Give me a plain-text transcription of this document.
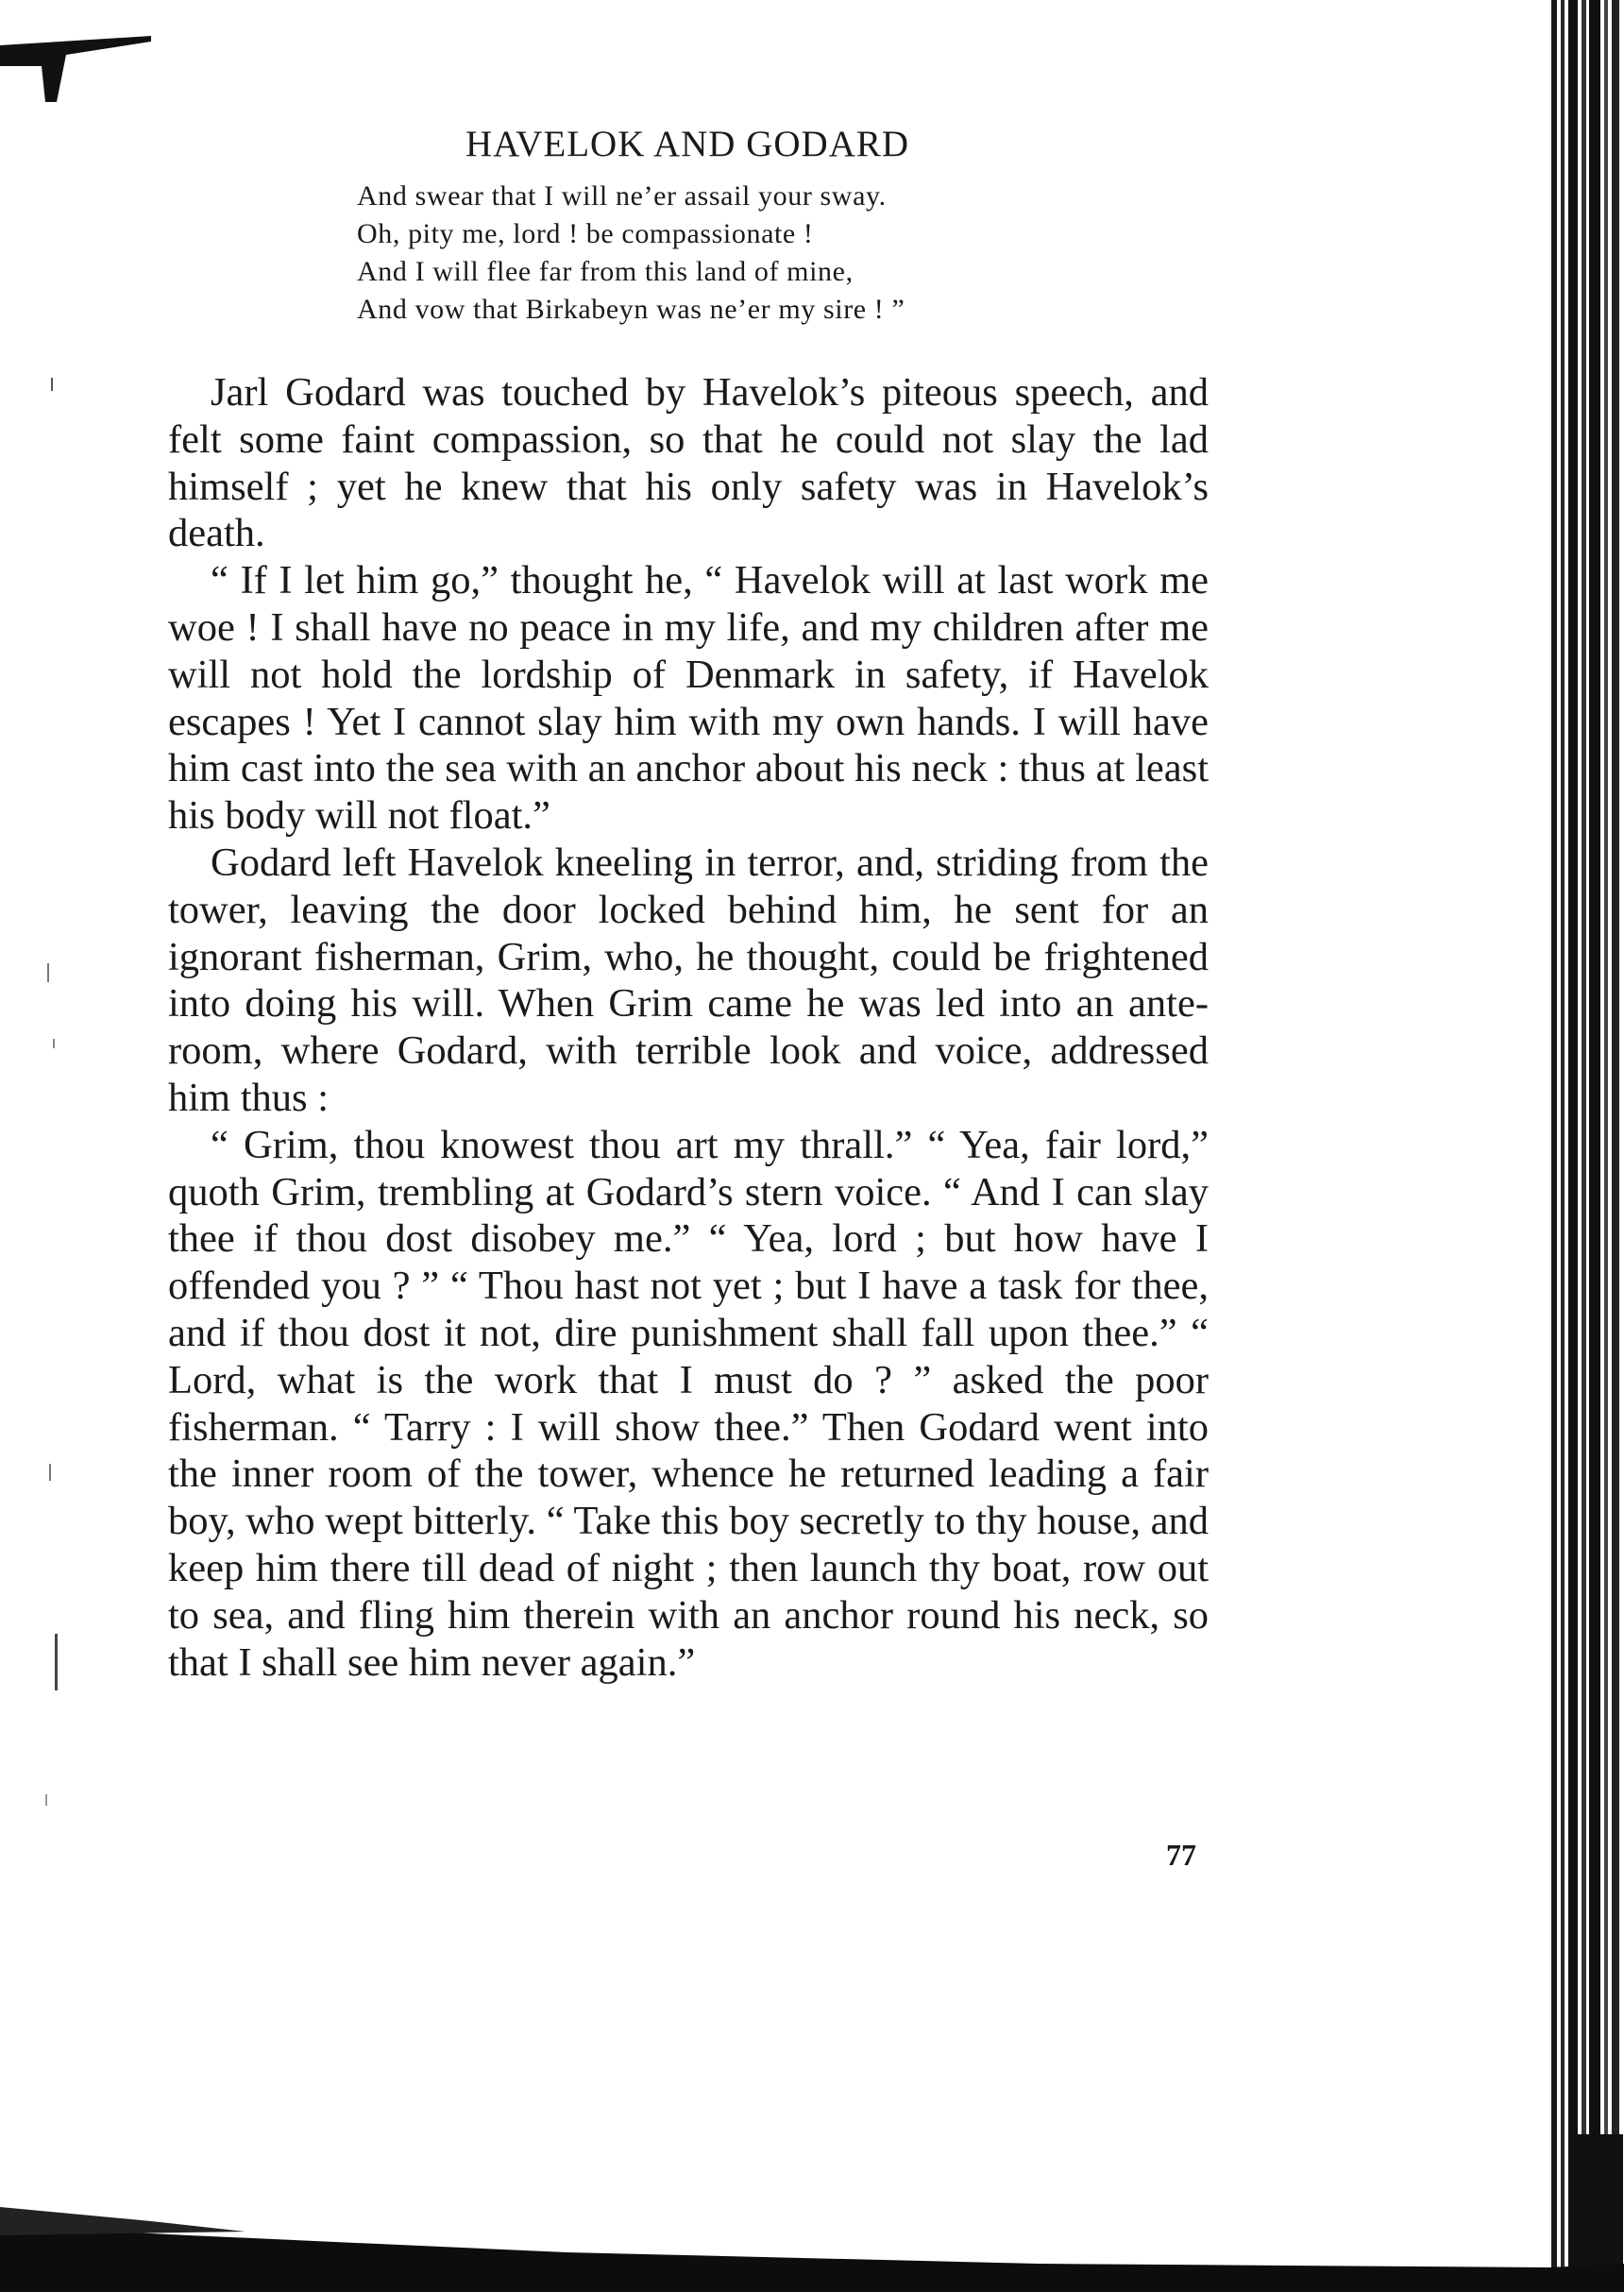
HAVELOK AND GODARD
And swear that I will ne’er assail your sway.
Oh, pity me, lord ! be compassionate !
And I will flee far from this land of mine,
And vow that Birkabeyn was ne’er my sire ! ”

Jarl Godard was touched by Havelok’s piteous speech, and felt some faint compassion, so that he could not slay the lad himself ; yet he knew that his only safety was in Havelok’s death.

“ If I let him go,” thought he, “ Havelok will at last work me woe ! I shall have no peace in my life, and my children after me will not hold the lordship of Denmark in safety, if Havelok escapes ! Yet I cannot slay him with my own hands. I will have him cast into the sea with an anchor about his neck : thus at least his body will not float.”

Godard left Havelok kneeling in terror, and, striding from the tower, leaving the door locked behind him, he sent for an ignorant fisherman, Grim, who, he thought, could be frightened into doing his will. When Grim came he was led into an ante-room, where Godard, with terrible look and voice, addressed him thus :

“ Grim, thou knowest thou art my thrall.” “ Yea, fair lord,” quoth Grim, trembling at Godard’s stern voice. “ And I can slay thee if thou dost disobey me.” “ Yea, lord ; but how have I offended you ? ” “ Thou hast not yet ; but I have a task for thee, and if thou dost it not, dire punishment shall fall upon thee.” “ Lord, what is the work that I must do ? ” asked the poor fisherman. “ Tarry : I will show thee.” Then Godard went into the inner room of the tower, whence he returned leading a fair boy, who wept bitterly. “ Take this boy secretly to thy house, and keep him there till dead of night ; then launch thy boat, row out to sea, and fling him therein with an anchor round his neck, so that I shall see him never again.”

77
